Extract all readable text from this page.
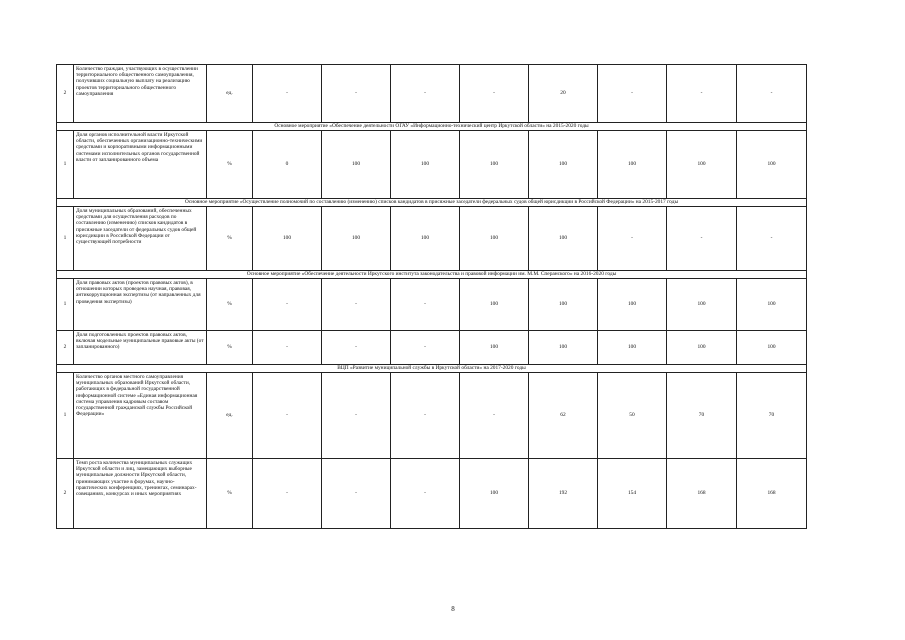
2	Количество граждан, участвующих в осуществлении территориального общественного самоуправления, получивших социальную выплату на реализацию проектов территориального общественного самоуправления	ед.	-	-	-	-	20	-	-	-
Основное мероприятие «Обеспечение деятельности ОГАУ «Информационно-технический центр Иркутской области» на 2015-2020 годы										
1	Доля органов исполнительной власти Иркутской области, обеспеченных организационно-техническими средствами и корпоративными информационными системами исполнительных органов государственной власти от запланированного объема	%	0	100	100	100	100	100	100	100
Основное мероприятие «Осуществление полномочий по составлению (изменению) списков кандидатов в присяжные заседатели федеральных судов общей юрисдикции в Российской Федерации» на 2015-2017 годы										
1	Доля муниципальных образований, обеспеченных средствами для осуществления расходов по составлению (изменению) списков кандидатов в присяжные заседатели от федеральных судов общей юрисдикции в Российской Федерации от существующей потребности	%	100	100	100	100	100	-	-	-
Основное мероприятие «Обеспечение деятельности Иркутского института законодательства и правовой информации им. М.М. Сперанского» на 2016-2020 годы										
1	Доля правовых актов (проектов правовых актов), в отношении которых проведена научная, правовая, антикоррупционная экспертизы (от направленных для проведения экспертизы)	%	-	-	-	100	100	100	100	100
2	Доля подготовленных проектов правовых актов, включая модельные муниципальные правовые акты (от запланированного)	%	-	-	-	100	100	100	100	100
ВЦП «Развитие муниципальной службы в Иркутской области» на 2017-2020 годы										
1	Количество органов местного самоуправления муниципальных образований Иркутской области, работающих в федеральной государственной информационной системе «Единая информационная система управления кадровым составом государственной гражданской службы Российской Федерации»	ед.	-	-	-	-	62	50	70	70
2	Темп роста количества муниципальных служащих Иркутской области и лиц, замещающих выборные муниципальные должности Иркутской области, принимающих участие в форумах, научно-практических конференциях, тренингах, семинарах-совещаниях, конкурсах и иных мероприятиях	%	-	-	-	100	192	154	168	168
8
